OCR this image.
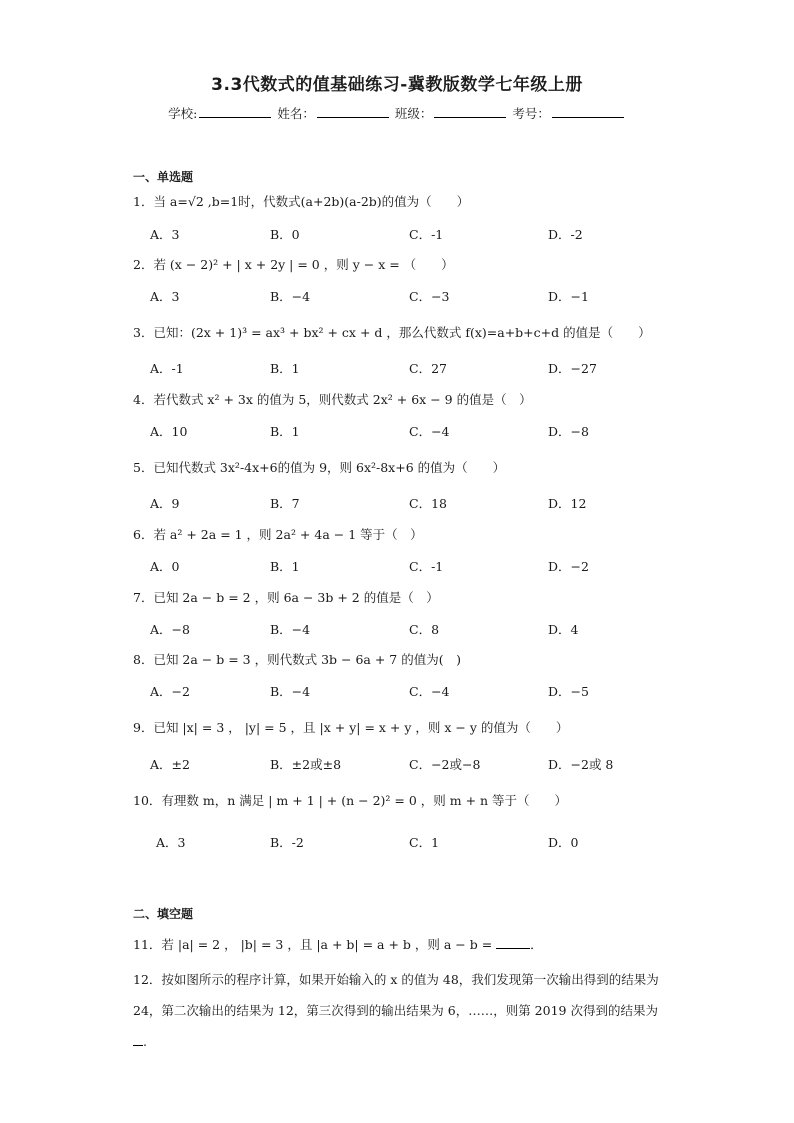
3.3代数式的值基础练习-冀教版数学七年级上册
学校:	姓名：	班级：	考号：
一、单选题
1．当 a=√2 ,b=1时，代数式(a+2b)(a-2b)的值为（　　）
A．3	B．0	C．-1	D．-2
2．若 (x − 2)² + | x + 2y | = 0 ，则 y − x = （　　）
A．3	B．−4	C．−3	D．−1
3．已知：(2x + 1)³ = ax³ + bx² + cx + d ，那么代数式 f(x)=a+b+c+d 的值是（　　）
A．-1	B．1	C．27	D．−27
4．若代数式 x² + 3x 的值为 5，则代数式 2x² + 6x − 9 的值是（　）
A．10	B．1	C．−4	D．−8
5．已知代数式 3x²-4x+6的值为 9，则 6x²-8x+6 的值为（　　）
A．9	B．7	C．18	D．12
6．若 a² + 2a = 1 ，则 2a² + 4a − 1 等于（　）
A．0	B．1	C．-1	D．−2
7．已知 2a − b = 2 ，则 6a − 3b + 2 的值是（　）
A．−8	B．−4	C．8	D．4
8．已知 2a − b = 3 ，则代数式 3b − 6a + 7 的值为(　)
A．−2	B．−4	C．−4	D．−5
9．已知 |x| = 3 ， |y| = 5 ，且 |x + y| = x + y ，则 x − y 的值为（　　）
A．±2	B．±2或±8	C．−2或−8	D．−2或 8
10．有理数 m，n 满足 | m + 1 | + (n − 2)² = 0 ，则 m + n 等于（　　）
A．3	B．-2	C．1	D．0
二、填空题
11．若 |a| = 2 ， |b| = 3 ，且 |a + b| = a + b ，则 a − b =	．
12．按如图所示的程序计算，如果开始输入的 x 的值为 48，我们发现第一次输出得到的结果为 24，第二次输出的结果为 12，第三次得到的输出结果为 6，……，则第 2019 次得到的结果为.
